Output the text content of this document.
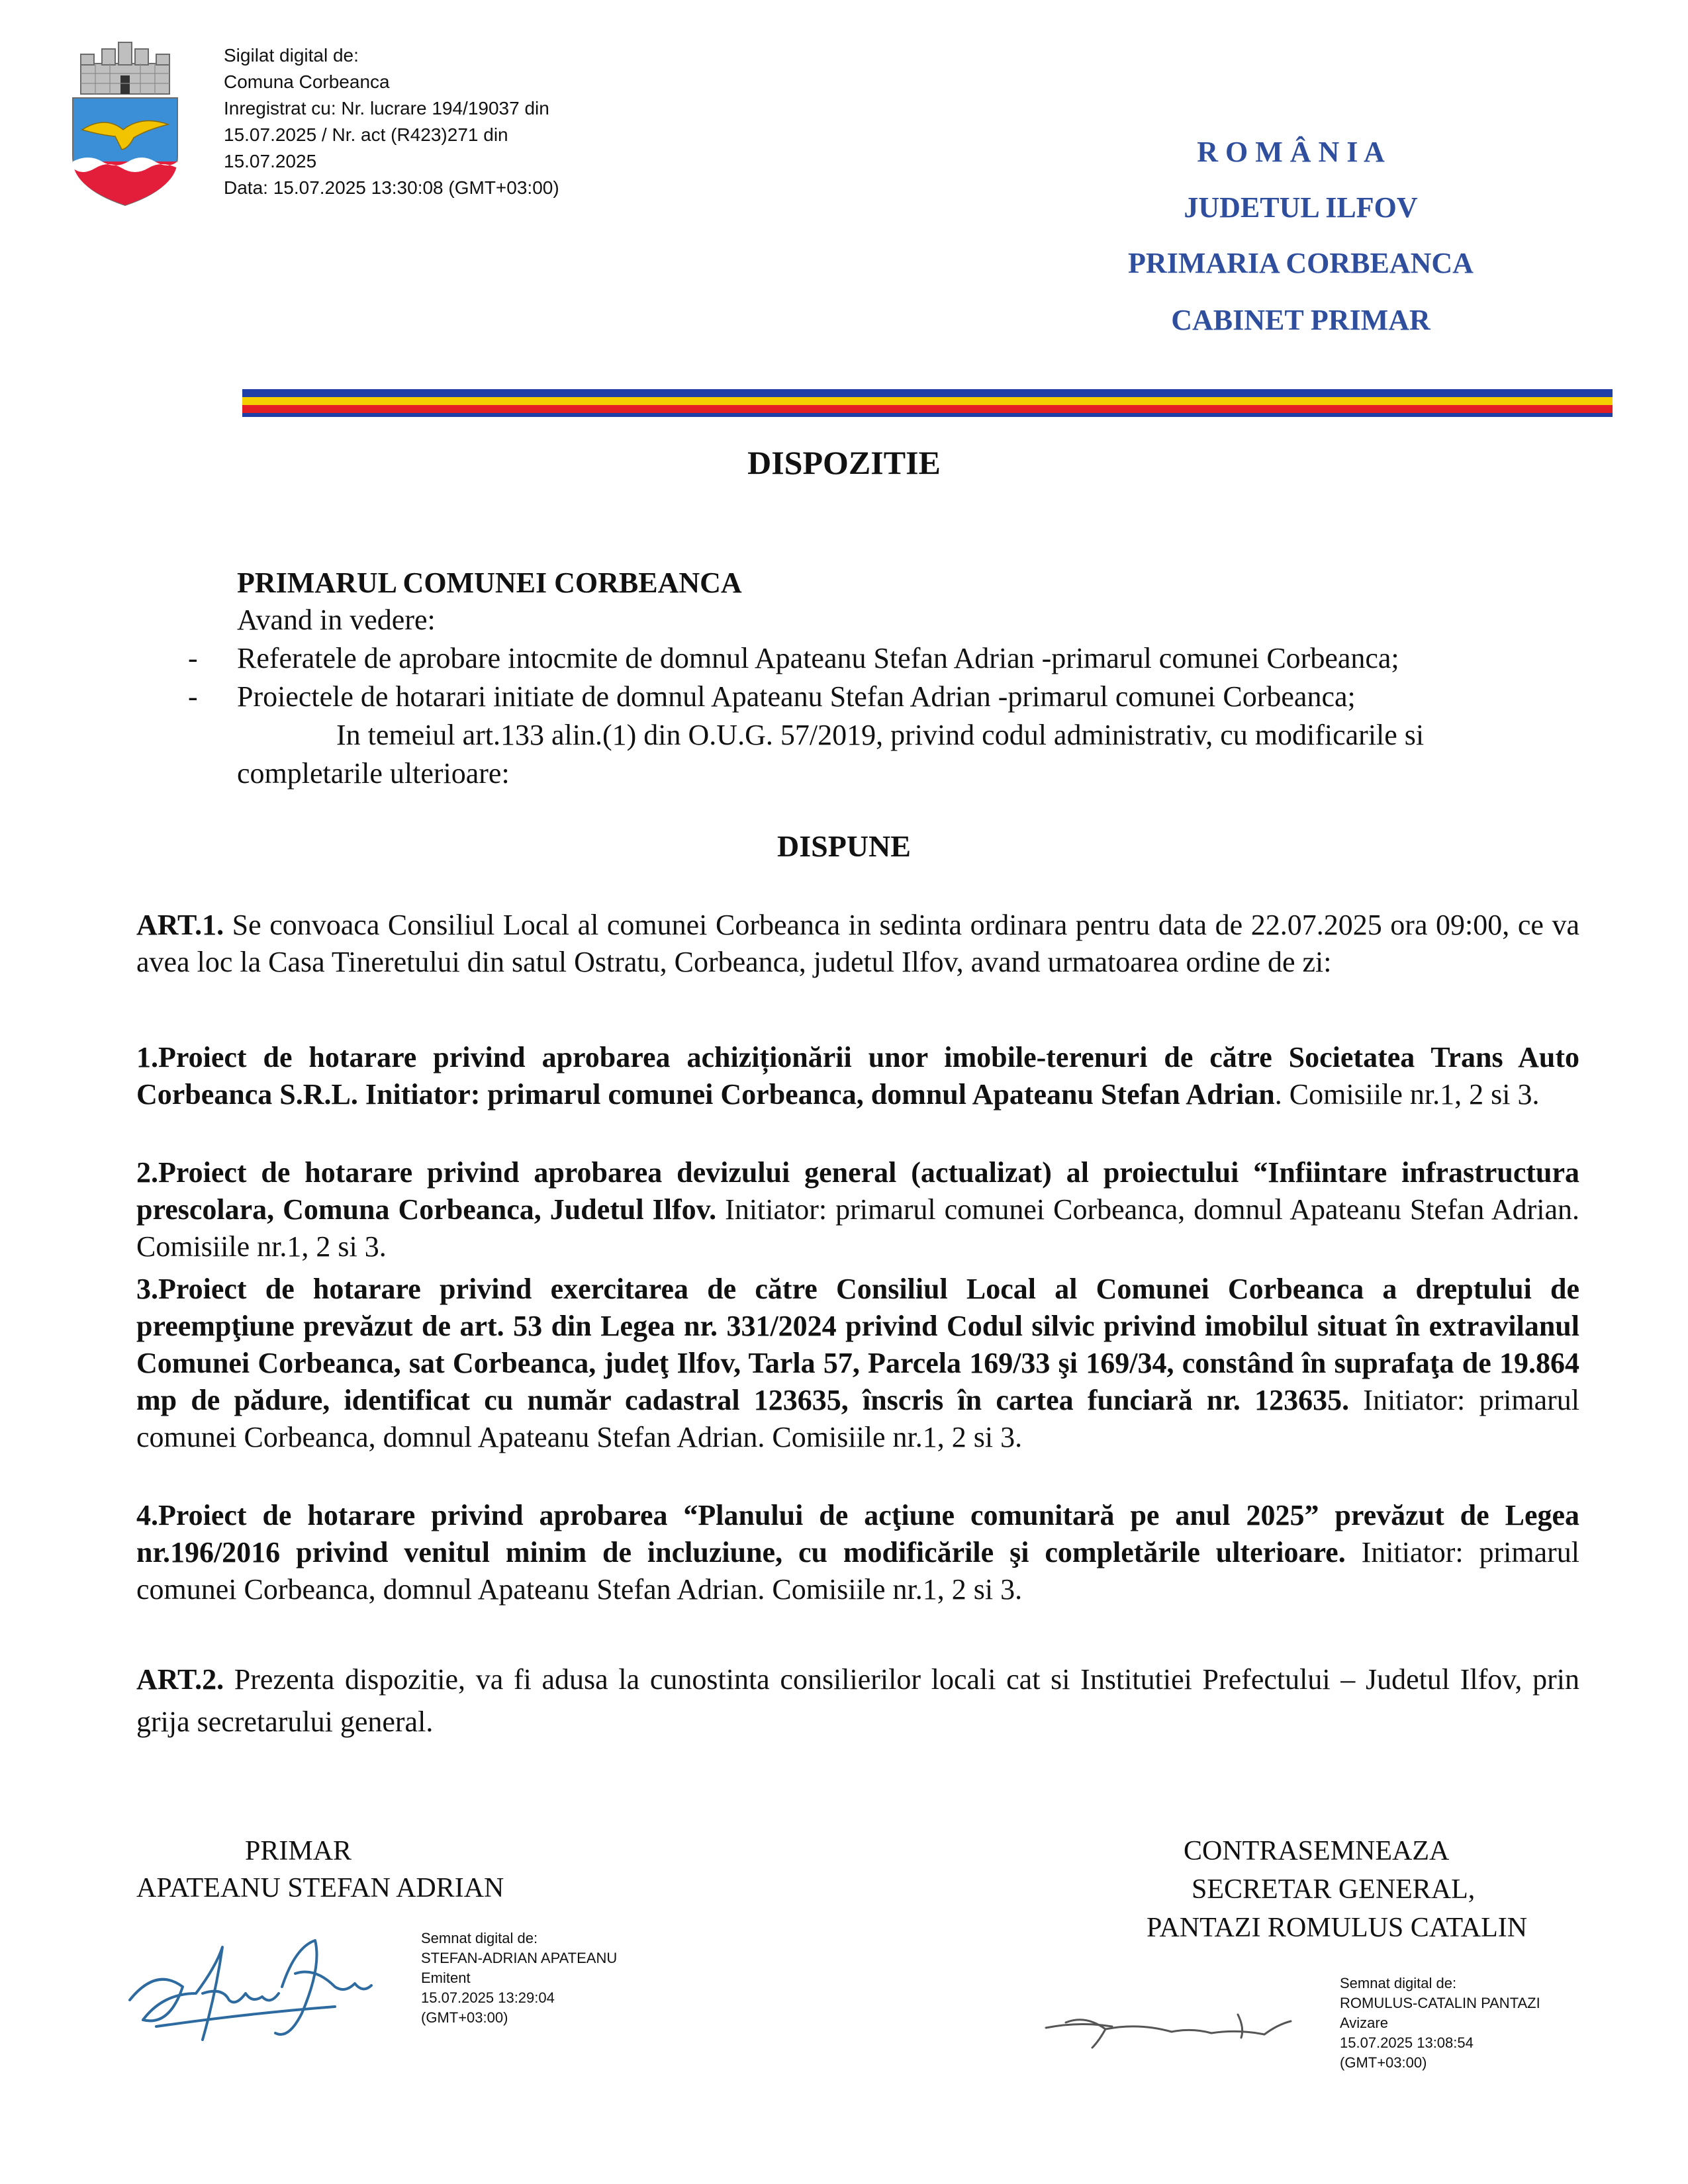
Sigilat digital de:
Comuna Corbeanca
Inregistrat cu: Nr. lucrare 194/19037 din
15.07.2025 / Nr. act (R423)271 din
15.07.2025
Data: 15.07.2025 13:30:08 (GMT+03:00)
R O M Â N I A
JUDETUL ILFOV
PRIMARIA CORBEANCA
CABINET PRIMAR
DISPOZITIE
PRIMARUL COMUNEI CORBEANCA
Avand in vedere:
- Referatele de aprobare intocmite de domnul Apateanu Stefan Adrian -primarul comunei Corbeanca;
- Proiectele de hotarari initiate de domnul Apateanu Stefan Adrian -primarul comunei Corbeanca;
In temeiul art.133 alin.(1) din O.U.G. 57/2019, privind codul administrativ, cu modificarile si
completarile ulterioare:
DISPUNE

ART.1. Se convoaca Consiliul Local al comunei Corbeanca in sedinta ordinara pentru data de 22.07.2025 ora 09:00, ce va avea loc la Casa Tineretului din satul Ostratu, Corbeanca, judetul Ilfov, avand urmatoarea ordine de zi:

1.Proiect de hotarare privind aprobarea achiziționării unor imobile-terenuri de către Societatea Trans Auto Corbeanca S.R.L. Initiator: primarul comunei Corbeanca, domnul Apateanu Stefan Adrian. Comisiile nr.1, 2 si 3.

2.Proiect de hotarare privind aprobarea devizului general (actualizat) al proiectului “Infiintare infrastructura prescolara, Comuna Corbeanca, Judetul Ilfov. Initiator: primarul comunei Corbeanca, domnul Apateanu Stefan Adrian. Comisiile nr.1, 2 si 3.

3.Proiect de hotarare privind exercitarea de către Consiliul Local al Comunei Corbeanca a dreptului de preempţiune prevăzut de art. 53 din Legea nr. 331/2024 privind Codul silvic privind imobilul situat în extravilanul Comunei Corbeanca, sat Corbeanca, judeţ Ilfov, Tarla 57, Parcela 169/33 şi 169/34, constând în suprafaţa de 19.864 mp de pădure, identificat cu număr cadastral 123635, înscris în cartea funciară nr. 123635. Initiator: primarul comunei Corbeanca, domnul Apateanu Stefan Adrian. Comisiile nr.1, 2 si 3.

4.Proiect de hotarare privind aprobarea “Planului de acţiune comunitară pe anul 2025” prevăzut de Legea nr.196/2016 privind venitul minim de incluziune, cu modificările şi completările ulterioare. Initiator: primarul comunei Corbeanca, domnul Apateanu Stefan Adrian. Comisiile nr.1, 2 si 3.

ART.2. Prezenta dispozitie, va fi adusa la cunostinta consilierilor locali cat si Institutiei Prefectului – Judetul Ilfov, prin grija secretarului general.

PRIMAR
APATEANU STEFAN ADRIAN
CONTRASEMNEAZA
SECRETAR GENERAL,
PANTAZI ROMULUS CATALIN
Semnat digital de:
STEFAN-ADRIAN APATEANU
Emitent
15.07.2025 13:29:04
(GMT+03:00)
Semnat digital de:
ROMULUS-CATALIN PANTAZI
Avizare
15.07.2025 13:08:54
(GMT+03:00)
